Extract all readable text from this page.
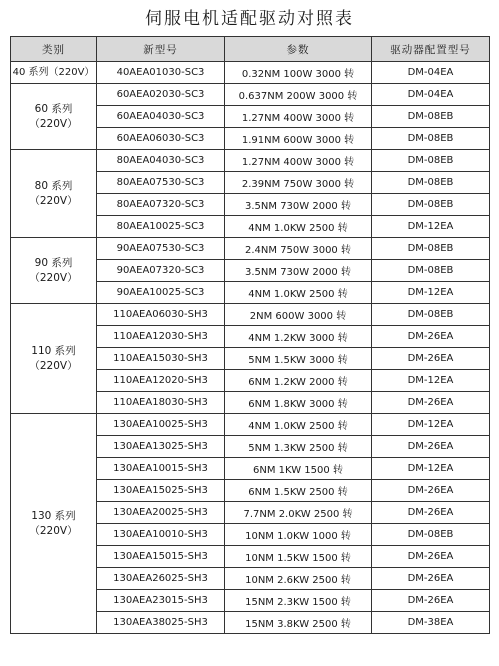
伺服电机适配驱动对照表
类别	新型号	参数	驱动器配置型号
40 系列（220V）	40AEA01030-SC3	0.32NM 100W 3000 转	DM-04EA
60 系列
（220V）	60AEA02030-SC3	0.637NM 200W 3000 转	DM-04EA
	60AEA04030-SC3	1.27NM 400W 3000 转	DM-08EB
	60AEA06030-SC3	1.91NM 600W 3000 转	DM-08EB
80 系列
（220V）	80AEA04030-SC3	1.27NM 400W 3000 转	DM-08EB
	80AEA07530-SC3	2.39NM 750W 3000 转	DM-08EB
	80AEA07320-SC3	3.5NM 730W 2000 转	DM-08EB
	80AEA10025-SC3	4NM 1.0KW 2500 转	DM-12EA
90 系列
（220V）	90AEA07530-SC3	2.4NM 750W 3000 转	DM-08EB
	90AEA07320-SC3	3.5NM 730W 2000 转	DM-08EB
	90AEA10025-SC3	4NM 1.0KW 2500 转	DM-12EA
110 系列
（220V）	110AEA06030-SH3	2NM 600W 3000 转	DM-08EB
	110AEA12030-SH3	4NM 1.2KW 3000 转	DM-26EA
	110AEA15030-SH3	5NM 1.5KW 3000 转	DM-26EA
	110AEA12020-SH3	6NM 1.2KW 2000 转	DM-12EA
	110AEA18030-SH3	6NM 1.8KW 3000 转	DM-26EA
130 系列
（220V）	130AEA10025-SH3	4NM 1.0KW 2500 转	DM-12EA
	130AEA13025-SH3	5NM 1.3KW 2500 转	DM-26EA
	130AEA10015-SH3	6NM 1KW 1500 转	DM-12EA
	130AEA15025-SH3	6NM 1.5KW 2500 转	DM-26EA
	130AEA20025-SH3	7.7NM 2.0KW 2500 转	DM-26EA
	130AEA10010-SH3	10NM 1.0KW 1000 转	DM-08EB
	130AEA15015-SH3	10NM 1.5KW 1500 转	DM-26EA
	130AEA26025-SH3	10NM 2.6KW 2500 转	DM-26EA
	130AEA23015-SH3	15NM 2.3KW 1500 转	DM-26EA
	130AEA38025-SH3	15NM 3.8KW 2500 转	DM-38EA
